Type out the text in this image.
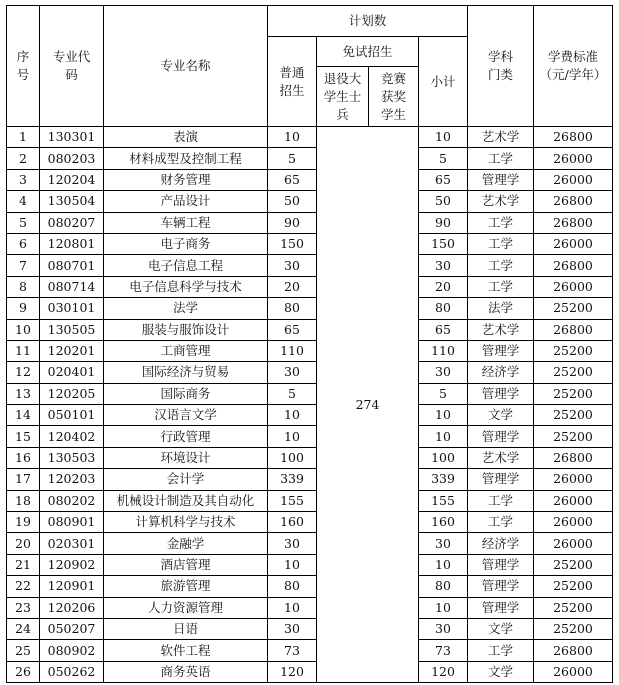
序号	专业代码	专业名称	计划数				学科门类	学费标准（元/学年）
			普通招生	免试招生		小计		
				退役大学生士兵	竞赛获奖学生			
1	130301	表演	10	274		10	艺术学	26800
2	080203	材料成型及控制工程	5			5	工学	26000
3	120204	财务管理	65			65	管理学	26000
4	130504	产品设计	50			50	艺术学	26800
5	080207	车辆工程	90			90	工学	26800
6	120801	电子商务	150			150	工学	26000
7	080701	电子信息工程	30			30	工学	26800
8	080714	电子信息科学与技术	20			20	工学	26000
9	030101	法学	80			80	法学	25200
10	130505	服装与服饰设计	65			65	艺术学	26800
11	120201	工商管理	110			110	管理学	25200
12	020401	国际经济与贸易	30			30	经济学	25200
13	120205	国际商务	5			5	管理学	25200
14	050101	汉语言文学	10			10	文学	25200
15	120402	行政管理	10			10	管理学	25200
16	130503	环境设计	100			100	艺术学	26800
17	120203	会计学	339			339	管理学	26000
18	080202	机械设计制造及其自动化	155			155	工学	26000
19	080901	计算机科学与技术	160			160	工学	26000
20	020301	金融学	30			30	经济学	26000
21	120902	酒店管理	10			10	管理学	25200
22	120901	旅游管理	80			80	管理学	25200
23	120206	人力资源管理	10			10	管理学	25200
24	050207	日语	30			30	文学	25200
25	080902	软件工程	73			73	工学	26800
26	050262	商务英语	120			120	文学	26000
